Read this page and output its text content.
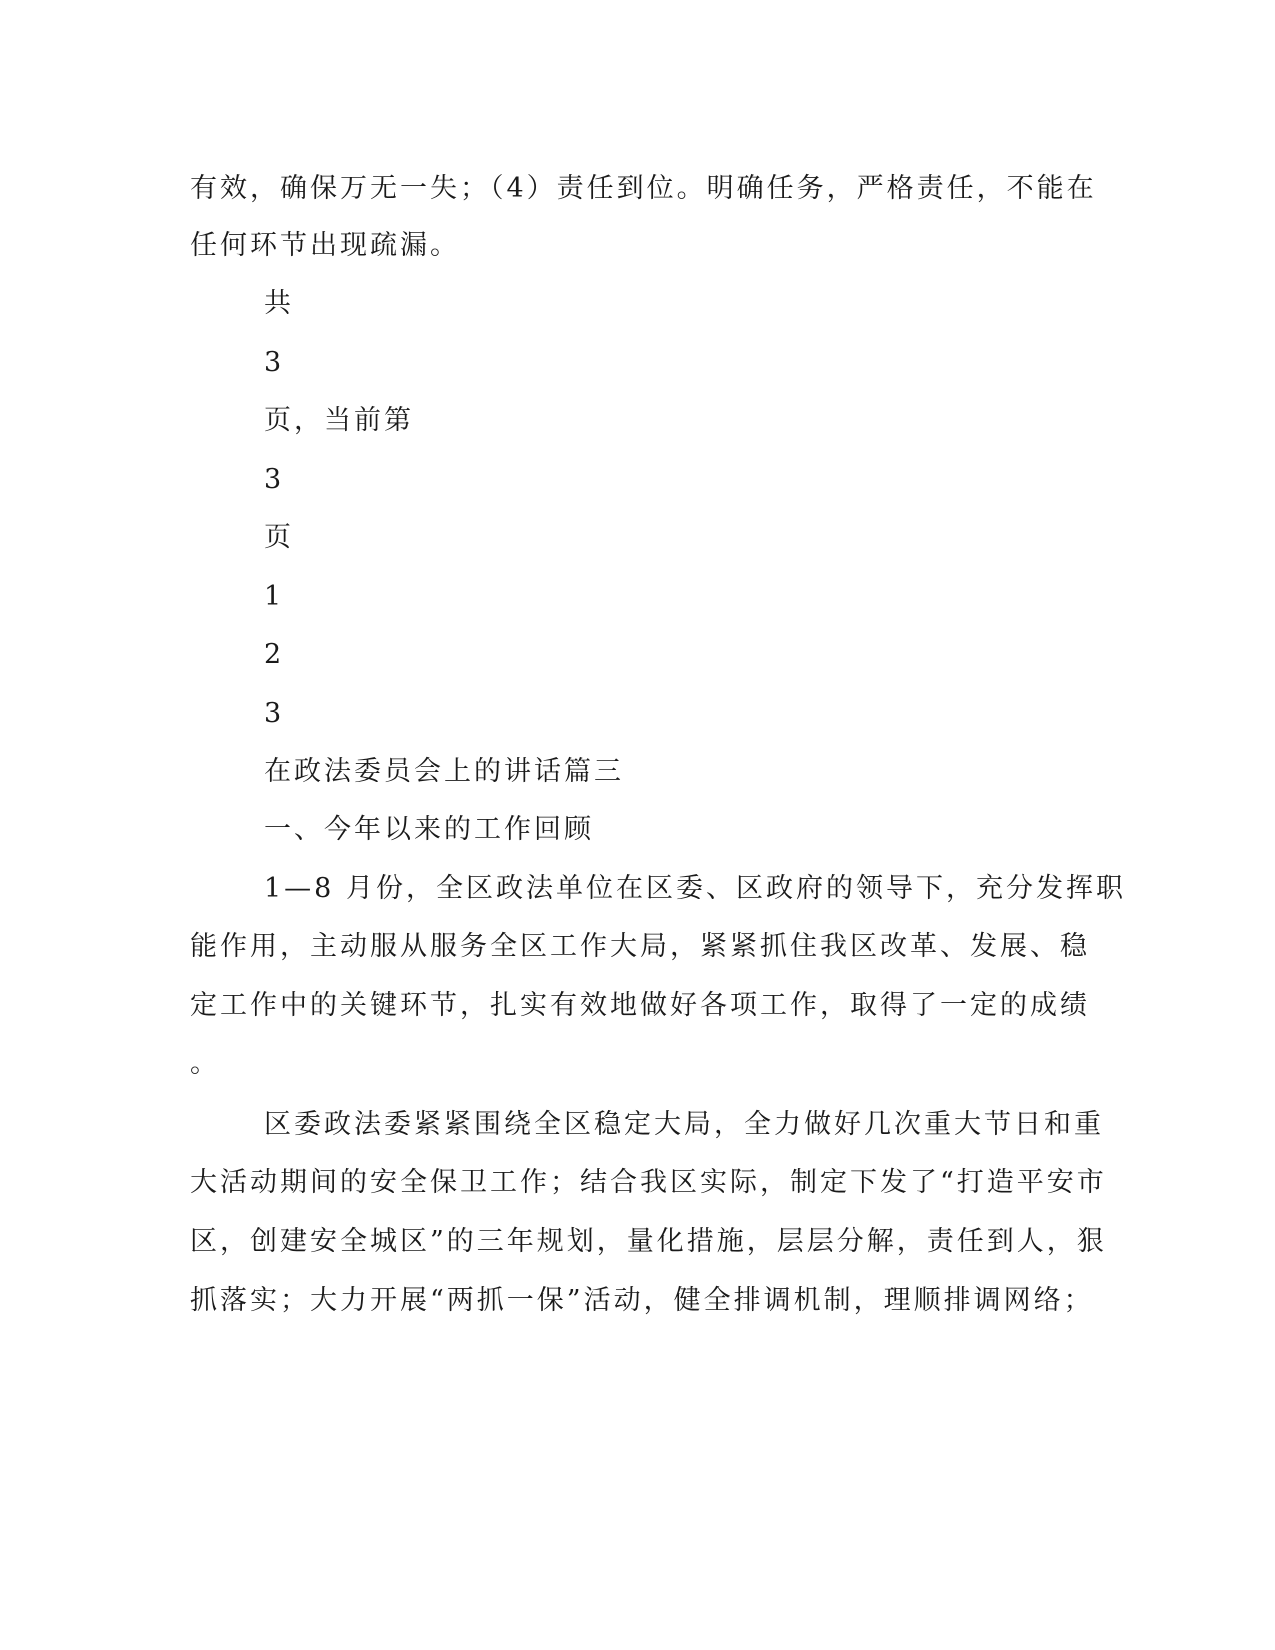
有效，确保万无一失；（4）责任到位。明确任务，严格责任，不能在

任何环节出现疏漏。

共

3

页，当前第

3

页

1

2

3

在政法委员会上的讲话篇三

一、今年以来的工作回顾

1—8 月份，全区政法单位在区委、区政府的领导下，充分发挥职

能作用，主动服从服务全区工作大局，紧紧抓住我区改革、发展、稳

定工作中的关键环节，扎实有效地做好各项工作，取得了一定的成绩

。

区委政法委紧紧围绕全区稳定大局，全力做好几次重大节日和重

大活动期间的安全保卫工作；结合我区实际，制定下发了“打造平安市

区，创建安全城区”的三年规划，量化措施，层层分解，责任到人，狠

抓落实；大力开展“两抓一保”活动，健全排调机制，理顺排调网络；
